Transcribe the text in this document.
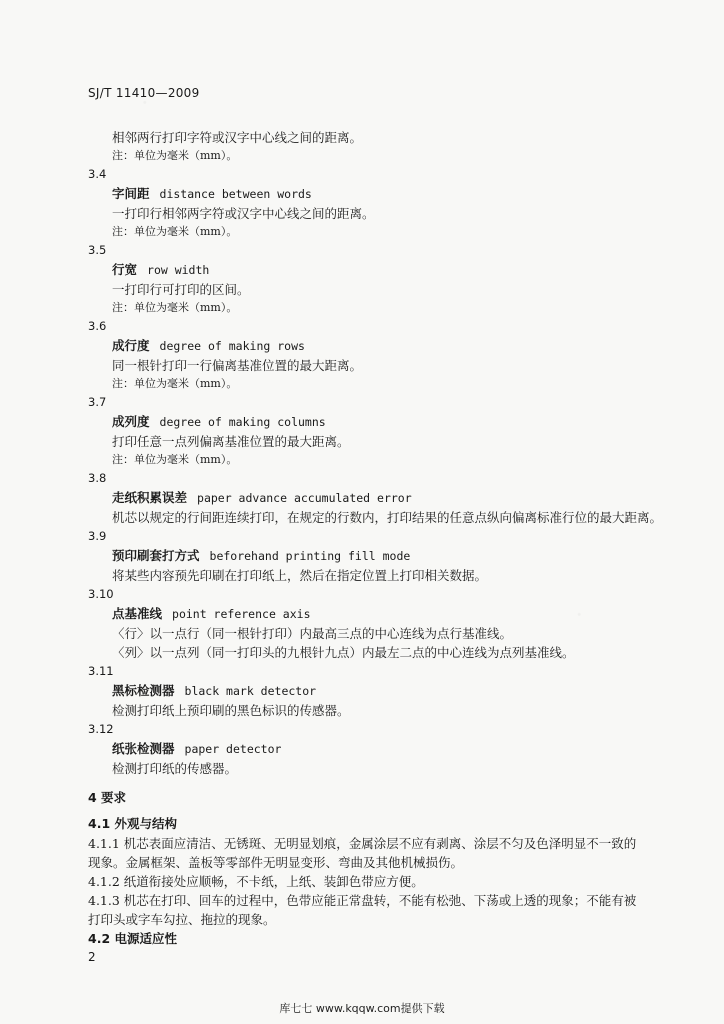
SJ/T 11410—2009
相邻两行打印字符或汉字中心线之间的距离。
注：单位为毫米（mm）。
3.4
字间距 distance between words
一打印行相邻两字符或汉字中心线之间的距离。
注：单位为毫米（mm）。
3.5
行宽 row width
一打印行可打印的区间。
注：单位为毫米（mm）。
3.6
成行度 degree of making rows
同一根针打印一行偏离基准位置的最大距离。
注：单位为毫米（mm）。
3.7
成列度 degree of making columns
打印任意一点列偏离基准位置的最大距离。
注：单位为毫米（mm）。
3.8
走纸积累误差 paper advance accumulated error
机芯以规定的行间距连续打印，在规定的行数内，打印结果的任意点纵向偏离标准行位的最大距离。
3.9
预印刷套打方式 beforehand printing fill mode
将某些内容预先印刷在打印纸上，然后在指定位置上打印相关数据。
3.10
点基准线 point reference axis
〈行〉以一点行（同一根针打印）内最高三点的中心连线为点行基准线。
〈列〉以一点列（同一打印头的九根针九点）内最左二点的中心连线为点列基准线。
3.11
黑标检测器 black mark detector
检测打印纸上预印刷的黑色标识的传感器。
3.12
纸张检测器 paper detector
检测打印纸的传感器。
4 要求
4.1 外观与结构
4.1.1 机芯表面应清洁、无锈斑、无明显划痕，金属涂层不应有剥离、涂层不匀及色泽明显不一致的
现象。金属框架、盖板等零部件无明显变形、弯曲及其他机械损伤。
4.1.2 纸道衔接处应顺畅，不卡纸，上纸、装卸色带应方便。
4.1.3 机芯在打印、回车的过程中，色带应能正常盘转，不能有松弛、下荡或上透的现象；不能有被
打印头或字车勾拉、拖拉的现象。
4.2 电源适应性
2
库七七 www.kqqw.com提供下载
